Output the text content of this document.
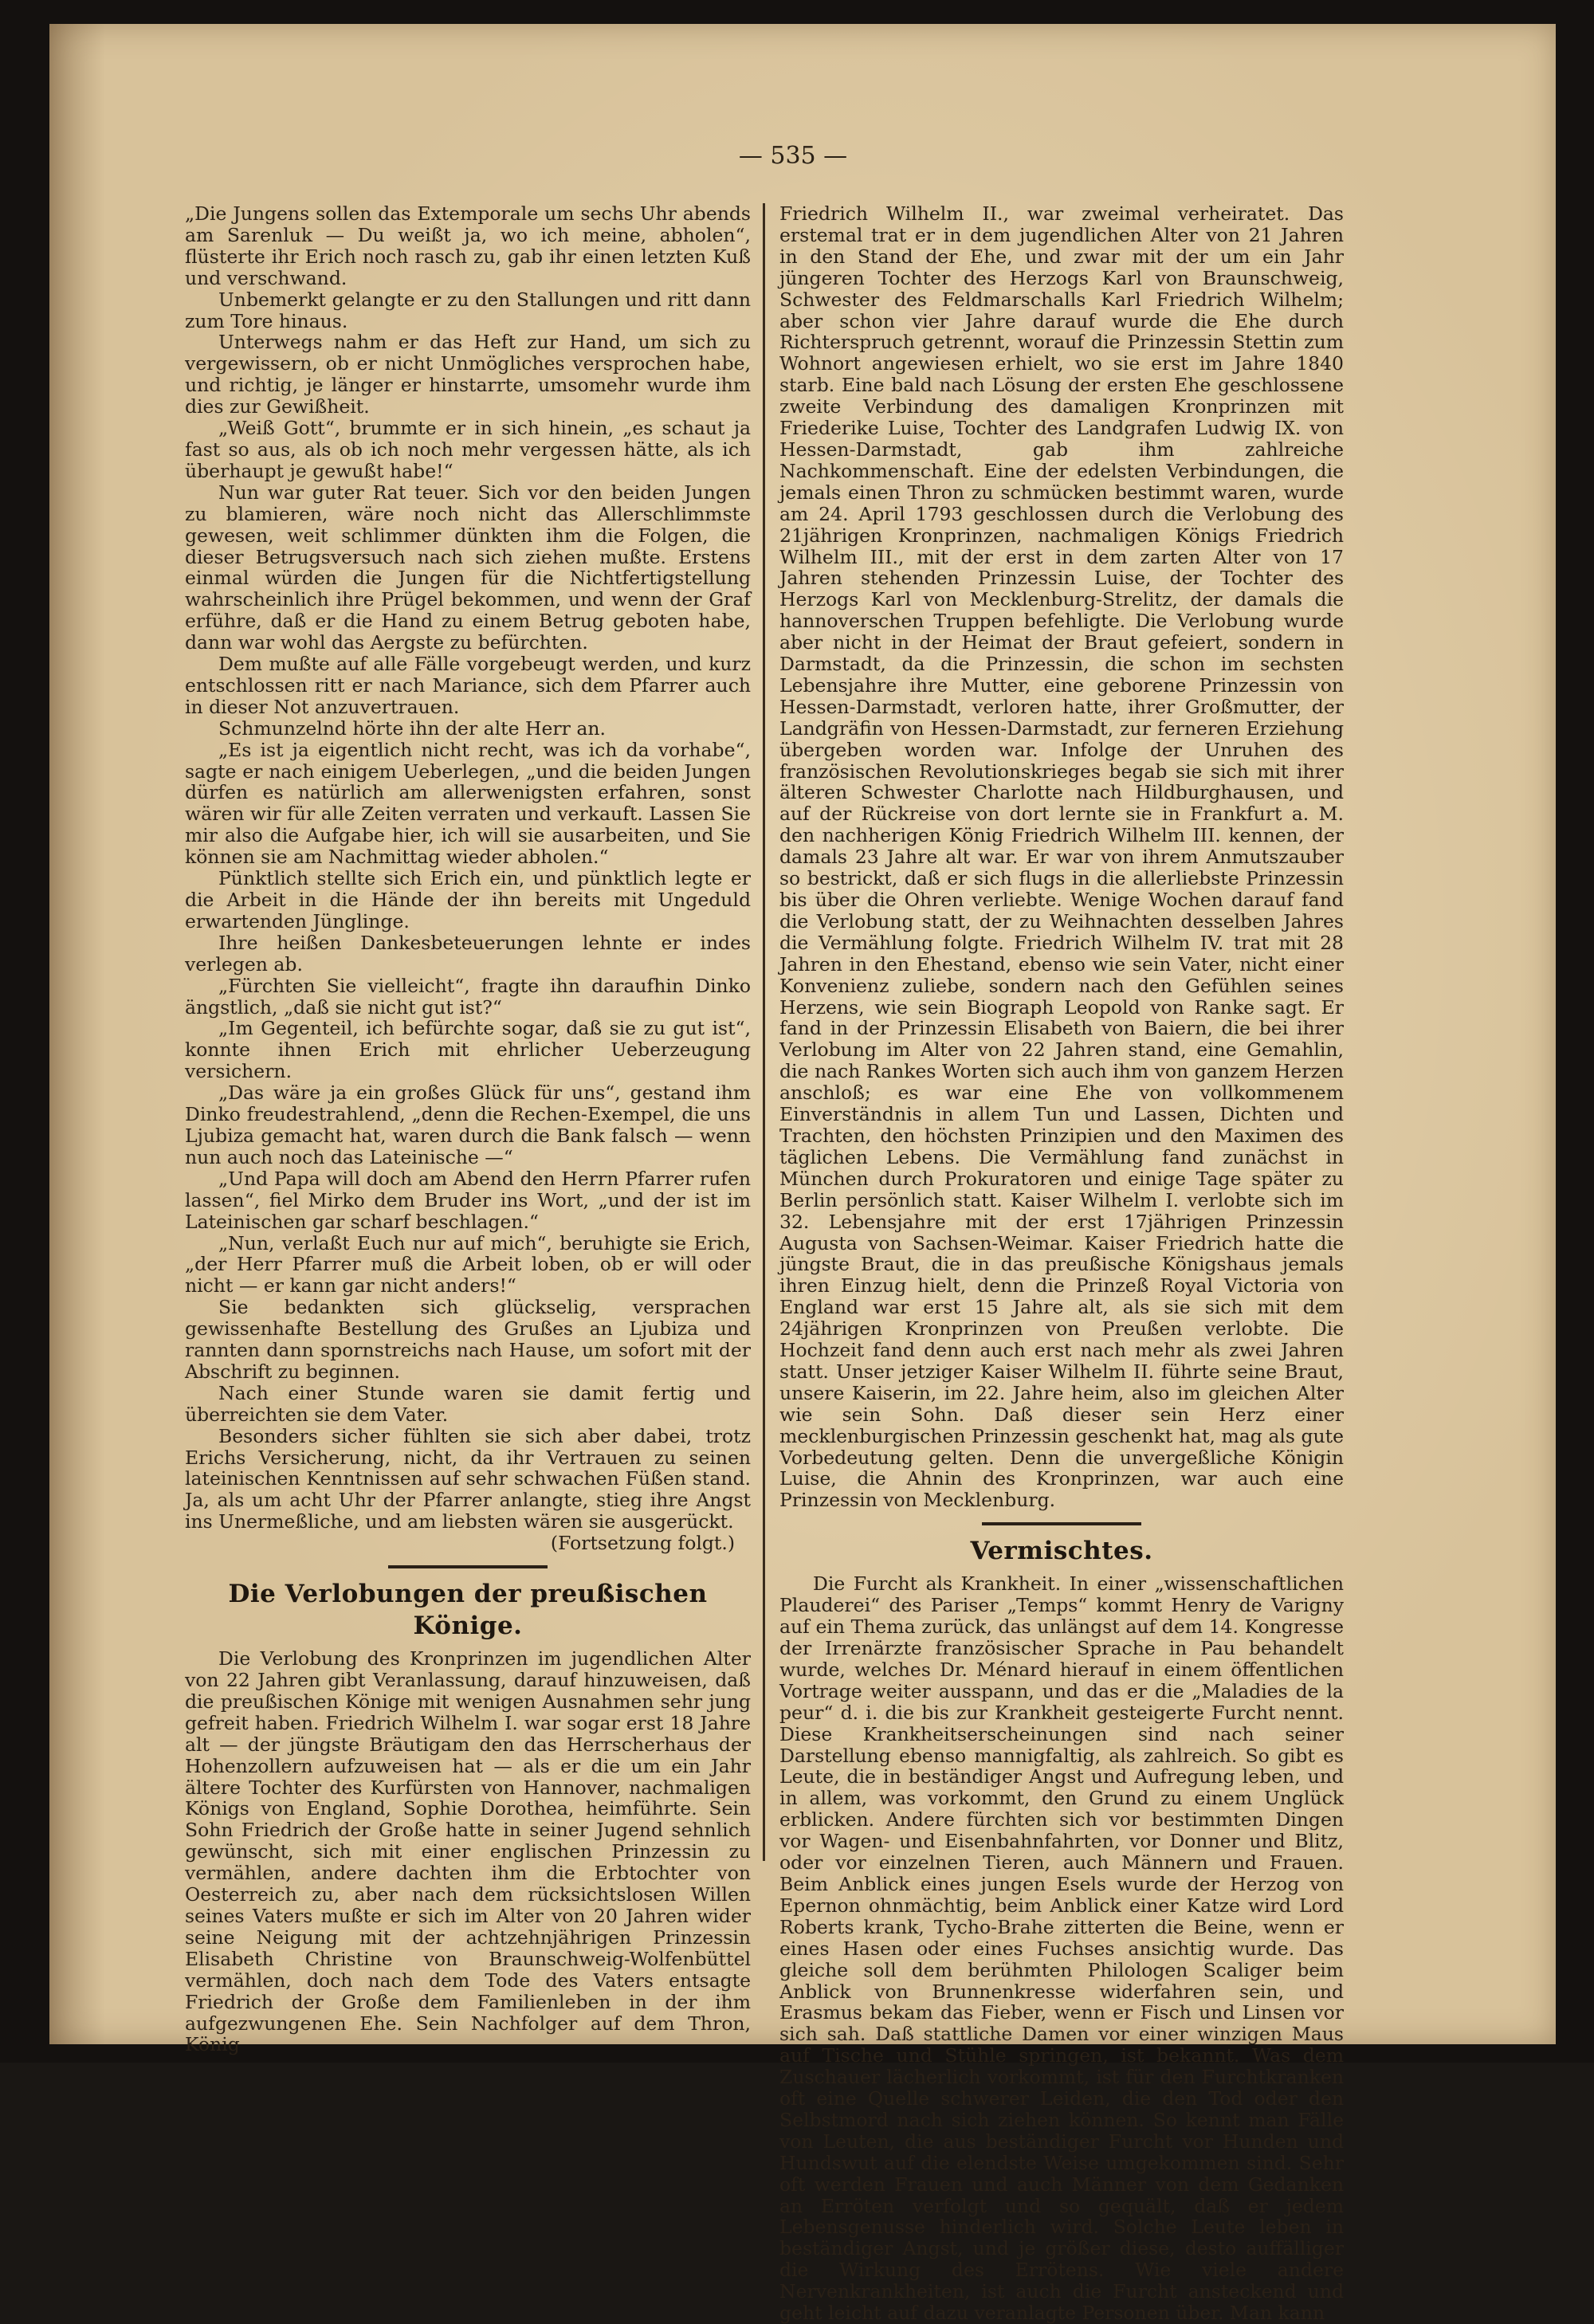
— 535 —

„Die Jungens sollen das Extemporale um sechs Uhr abends am Sarenluk — Du weißt ja, wo ich meine, abholen“, flüsterte ihr Erich noch rasch zu, gab ihr einen letzten Kuß und verschwand.

Unbemerkt gelangte er zu den Stallungen und ritt dann zum Tore hinaus.

Unterwegs nahm er das Heft zur Hand, um sich zu vergewissern, ob er nicht Unmögliches versprochen habe, und richtig, je länger er hinstarrte, umsomehr wurde ihm dies zur Gewißheit.

„Weiß Gott“, brummte er in sich hinein, „es schaut ja fast so aus, als ob ich noch mehr vergessen hätte, als ich überhaupt je gewußt habe!“

Nun war guter Rat teuer. Sich vor den beiden Jungen zu blamieren, wäre noch nicht das Allerschlimmste gewesen, weit schlimmer dünkten ihm die Folgen, die dieser Betrugsversuch nach sich ziehen mußte. Erstens einmal würden die Jungen für die Nichtfertigstellung wahrscheinlich ihre Prügel bekommen, und wenn der Graf erführe, daß er die Hand zu einem Betrug geboten habe, dann war wohl das Aergste zu befürchten.

Dem mußte auf alle Fälle vorgebeugt werden, und kurz entschlossen ritt er nach Mariance, sich dem Pfarrer auch in dieser Not anzuvertrauen.

Schmunzelnd hörte ihn der alte Herr an.

„Es ist ja eigentlich nicht recht, was ich da vorhabe“, sagte er nach einigem Ueberlegen, „und die beiden Jungen dürfen es natürlich am allerwenigsten erfahren, sonst wären wir für alle Zeiten verraten und verkauft. Lassen Sie mir also die Aufgabe hier, ich will sie ausarbeiten, und Sie können sie am Nachmittag wieder abholen.“

Pünktlich stellte sich Erich ein, und pünktlich legte er die Arbeit in die Hände der ihn bereits mit Ungeduld erwartenden Jünglinge.

Ihre heißen Dankesbeteuerungen lehnte er indes verlegen ab.

„Fürchten Sie vielleicht“, fragte ihn daraufhin Dinko ängstlich, „daß sie nicht gut ist?“

„Im Gegenteil, ich befürchte sogar, daß sie zu gut ist“, konnte ihnen Erich mit ehrlicher Ueberzeugung versichern.

„Das wäre ja ein großes Glück für uns“, gestand ihm Dinko freudestrahlend, „denn die Rechen-Exempel, die uns Ljubiza gemacht hat, waren durch die Bank falsch — wenn nun auch noch das Lateinische —“

„Und Papa will doch am Abend den Herrn Pfarrer rufen lassen“, fiel Mirko dem Bruder ins Wort, „und der ist im Lateinischen gar scharf beschlagen.“

„Nun, verlaßt Euch nur auf mich“, beruhigte sie Erich, „der Herr Pfarrer muß die Arbeit loben, ob er will oder nicht — er kann gar nicht anders!“

Sie bedankten sich glückselig, versprachen gewissenhafte Bestellung des Grußes an Ljubiza und rannten dann spornstreichs nach Hause, um sofort mit der Abschrift zu beginnen.

Nach einer Stunde waren sie damit fertig und überreichten sie dem Vater.

Besonders sicher fühlten sie sich aber dabei, trotz Erichs Versicherung, nicht, da ihr Vertrauen zu seinen lateinischen Kenntnissen auf sehr schwachen Füßen stand. Ja, als um acht Uhr der Pfarrer anlangte, stieg ihre Angst ins Unermeßliche, und am liebsten wären sie ausgerückt.

(Fortsetzung folgt.)

Die Verlobungen der preußischen Könige.

Die Verlobung des Kronprinzen im jugendlichen Alter von 22 Jahren gibt Veranlassung, darauf hinzuweisen, daß die preußischen Könige mit wenigen Ausnahmen sehr jung gefreit haben. Friedrich Wilhelm I. war sogar erst 18 Jahre alt — der jüngste Bräutigam den das Herrscherhaus der Hohenzollern aufzuweisen hat — als er die um ein Jahr ältere Tochter des Kurfürsten von Hannover, nachmaligen Königs von England, Sophie Dorothea, heimführte. Sein Sohn Friedrich der Große hatte in seiner Jugend sehnlich gewünscht, sich mit einer englischen Prinzessin zu vermählen, andere dachten ihm die Erbtochter von Oesterreich zu, aber nach dem rücksichtslosen Willen seines Vaters mußte er sich im Alter von 20 Jahren wider seine Neigung mit der achtzehnjährigen Prinzessin Elisabeth Christine von Braunschweig-Wolfenbüttel vermählen, doch nach dem Tode des Vaters entsagte Friedrich der Große dem Familienleben in der ihm aufgezwungenen Ehe. Sein Nachfolger auf dem Thron, König

Friedrich Wilhelm II., war zweimal verheiratet. Das erstemal trat er in dem jugendlichen Alter von 21 Jahren in den Stand der Ehe, und zwar mit der um ein Jahr jüngeren Tochter des Herzogs Karl von Braunschweig, Schwester des Feldmarschalls Karl Friedrich Wilhelm; aber schon vier Jahre darauf wurde die Ehe durch Richterspruch getrennt, worauf die Prinzessin Stettin zum Wohnort angewiesen erhielt, wo sie erst im Jahre 1840 starb. Eine bald nach Lösung der ersten Ehe geschlossene zweite Verbindung des damaligen Kronprinzen mit Friederike Luise, Tochter des Landgrafen Ludwig IX. von Hessen-Darmstadt, gab ihm zahlreiche Nachkommenschaft. Eine der edelsten Verbindungen, die jemals einen Thron zu schmücken bestimmt waren, wurde am 24. April 1793 geschlossen durch die Verlobung des 21jährigen Kronprinzen, nachmaligen Königs Friedrich Wilhelm III., mit der erst in dem zarten Alter von 17 Jahren stehenden Prinzessin Luise, der Tochter des Herzogs Karl von Mecklenburg-Strelitz, der damals die hannoverschen Truppen befehligte. Die Verlobung wurde aber nicht in der Heimat der Braut gefeiert, sondern in Darmstadt, da die Prinzessin, die schon im sechsten Lebensjahre ihre Mutter, eine geborene Prinzessin von Hessen-Darmstadt, verloren hatte, ihrer Großmutter, der Landgräfin von Hessen-Darmstadt, zur ferneren Erziehung übergeben worden war. Infolge der Unruhen des französischen Revolutionskrieges begab sie sich mit ihrer älteren Schwester Charlotte nach Hildburghausen, und auf der Rückreise von dort lernte sie in Frankfurt a. M. den nachherigen König Friedrich Wilhelm III. kennen, der damals 23 Jahre alt war. Er war von ihrem Anmutszauber so bestrickt, daß er sich flugs in die allerliebste Prinzessin bis über die Ohren verliebte. Wenige Wochen darauf fand die Verlobung statt, der zu Weihnachten desselben Jahres die Vermählung folgte. Friedrich Wilhelm IV. trat mit 28 Jahren in den Ehestand, ebenso wie sein Vater, nicht einer Konvenienz zuliebe, sondern nach den Gefühlen seines Herzens, wie sein Biograph Leopold von Ranke sagt. Er fand in der Prinzessin Elisabeth von Baiern, die bei ihrer Verlobung im Alter von 22 Jahren stand, eine Gemahlin, die nach Rankes Worten sich auch ihm von ganzem Herzen anschloß; es war eine Ehe von vollkommenem Einverständnis in allem Tun und Lassen, Dichten und Trachten, den höchsten Prinzipien und den Maximen des täglichen Lebens. Die Vermählung fand zunächst in München durch Prokuratoren und einige Tage später zu Berlin persönlich statt. Kaiser Wilhelm I. verlobte sich im 32. Lebensjahre mit der erst 17jährigen Prinzessin Augusta von Sachsen-Weimar. Kaiser Friedrich hatte die jüngste Braut, die in das preußische Königshaus jemals ihren Einzug hielt, denn die Prinzeß Royal Victoria von England war erst 15 Jahre alt, als sie sich mit dem 24jährigen Kronprinzen von Preußen verlobte. Die Hochzeit fand denn auch erst nach mehr als zwei Jahren statt. Unser jetziger Kaiser Wilhelm II. führte seine Braut, unsere Kaiserin, im 22. Jahre heim, also im gleichen Alter wie sein Sohn. Daß dieser sein Herz einer mecklenburgischen Prinzessin geschenkt hat, mag als gute Vorbedeutung gelten. Denn die unvergeßliche Königin Luise, die Ahnin des Kronprinzen, war auch eine Prinzessin von Mecklenburg.

Vermischtes.

Die Furcht als Krankheit. In einer „wissenschaftlichen Plauderei“ des Pariser „Temps“ kommt Henry de Varigny auf ein Thema zurück, das unlängst auf dem 14. Kongresse der Irrenärzte französischer Sprache in Pau behandelt wurde, welches Dr. Ménard hierauf in einem öffentlichen Vortrage weiter ausspann, und das er die „Maladies de la peur“ d. i. die bis zur Krankheit gesteigerte Furcht nennt. Diese Krankheitserscheinungen sind nach seiner Darstellung ebenso mannigfaltig, als zahlreich. So gibt es Leute, die in beständiger Angst und Aufregung leben, und in allem, was vorkommt, den Grund zu einem Unglück erblicken. Andere fürchten sich vor bestimmten Dingen vor Wagen- und Eisenbahnfahrten, vor Donner und Blitz, oder vor einzelnen Tieren, auch Männern und Frauen. Beim Anblick eines jungen Esels wurde der Herzog von Epernon ohnmächtig, beim Anblick einer Katze wird Lord Roberts krank, Tycho-Brahe zitterten die Beine, wenn er eines Hasen oder eines Fuchses ansichtig wurde. Das gleiche soll dem berühmten Philologen Scaliger beim Anblick von Brunnenkresse widerfahren sein, und Erasmus bekam das Fieber, wenn er Fisch und Linsen vor sich sah. Daß stattliche Damen vor einer winzigen Maus auf Tische und Stühle springen, ist bekannt. Was dem Zuschauer lächerlich vorkommt, ist für den Furchtkranken oft eine Quelle schwerer Leiden, die den Tod oder den Selbstmord nach sich ziehen können. So kennt man Fälle von Leuten, die aus beständiger Furcht vor Hunden und Hundswut auf die elendste Weise umgekommen sind. Sehr oft werden Frauen und auch Männer von dem Gedanken an Erröten verfolgt und so gequält, daß er jedem Lebensgenusse hinderlich wird. Solche Leute leben in beständiger Angst, und je größer diese, desto auffälliger die Wirkung des Errötens. Wie viele andere Nervenkrankheiten, ist auch die Furcht ansteckend und geht leicht auf dazu veranlagte Personen über. Man kann
